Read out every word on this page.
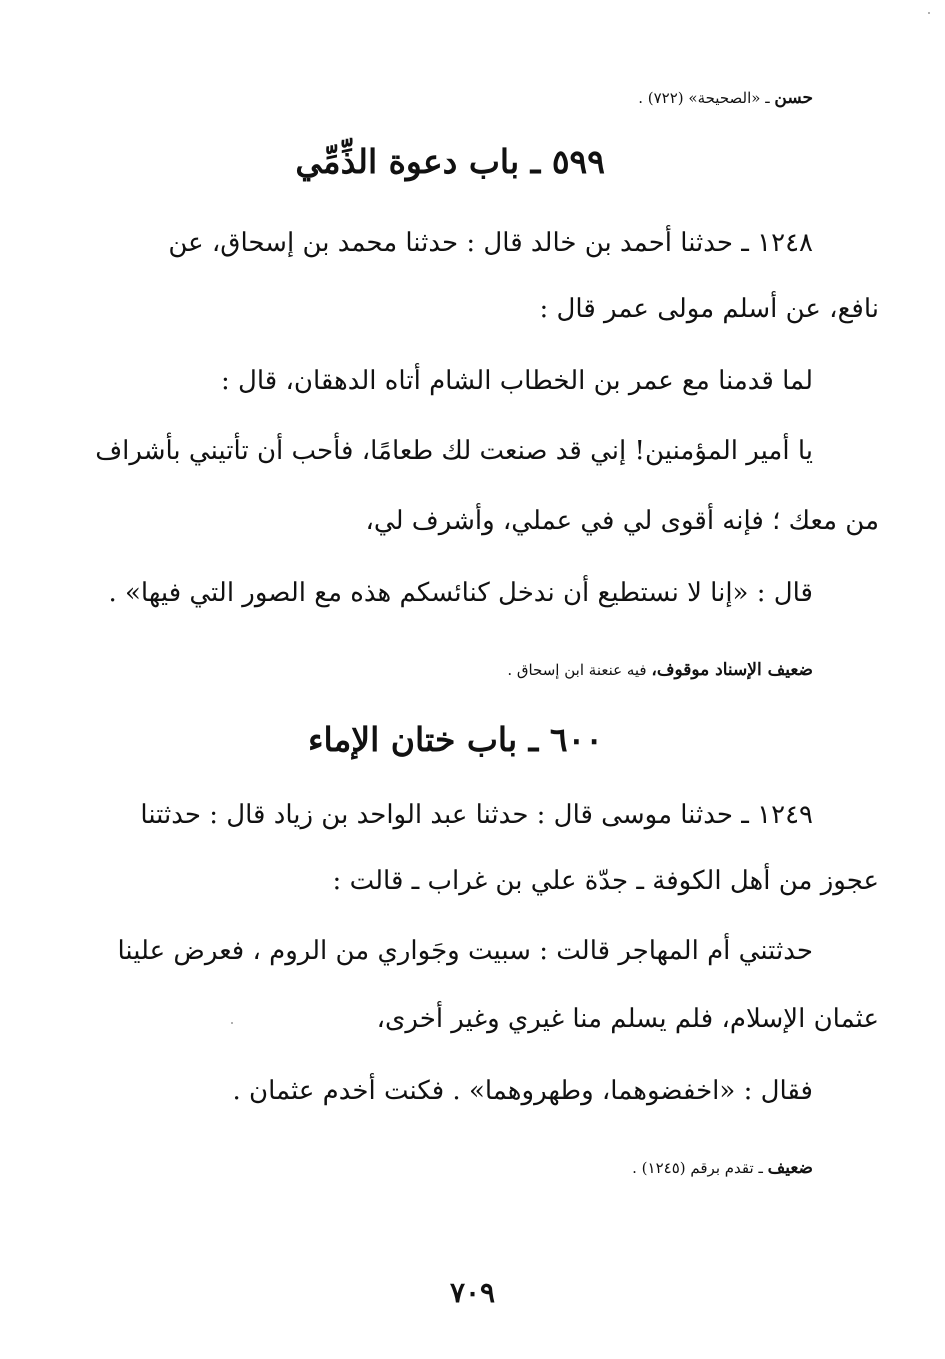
حسن ـ «الصحيحة» (٧٢٢) .
٥٩٩ ـ باب دعوة الذِّمِّي
١٢٤٨ ـ حدثنا أحمد بن خالد قال : حدثنا محمد بن إسحاق، عن
نافع، عن أسلم مولى عمر قال :
لما قدمنا مع عمر بن الخطاب الشام أتاه الدهقان، قال :
يا أمير المؤمنين! إني قد صنعت لك طعامًا، فأحب أن تأتيني بأشراف
من معك ؛ فإنه أقوى لي في عملي، وأشرف لي،
قال : «إنا لا نستطيع أن ندخل كنائسكم هذه مع الصور التي فيها» .
ضعيف الإسناد موقوف، فيه عنعنة ابن إسحاق .
٦٠٠ ـ باب ختان الإماء
١٢٤٩ ـ حدثنا موسى قال : حدثنا عبد الواحد بن زياد قال : حدثتنا
عجوز من أهل الكوفة ـ جدّة علي بن غراب ـ قالت :
حدثتني أم المهاجر قالت : سبيت وجَواري من الروم ، فعرض علينا
عثمان الإسلام، فلم يسلم منا غيري وغير أخرى،
فقال : «اخفضوهما، وطهروهما» . فكنت أخدم عثمان .
ضعيف ـ تقدم برقم (١٢٤٥) .
٧٠٩
